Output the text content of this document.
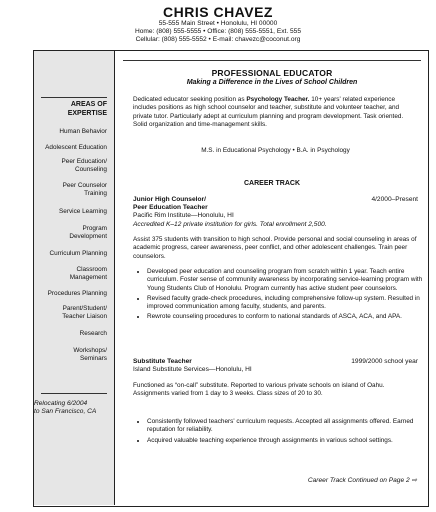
CHRIS CHAVEZ
55-555 Main Street • Honolulu, HI 00000
Home: (808) 555-5555 • Office: (808) 555-5551, Ext. 555
Cellular: (808) 555-5552 • E-mail: chavezc@coconut.org
AREAS OF
EXPERTISE
Human Behavior
Adolescent Education
Peer Education/
Counseling
Peer Counselor
Training
Service Learning
Program
Development
Curriculum Planning
Classroom
Management
Procedures Planning
Parent/Student/
Teacher Liaison
Research
Workshops/
Seminars
Relocating 6/2004
to San Francisco, CA
PROFESSIONAL EDUCATOR
Making a Difference in the Lives of School Children
Dedicated educator seeking position as Psychology Teacher. 10+ years' related experience includes positions as high school counselor and teacher, substitute and volunteer teacher, and private tutor. Particularly adept at curriculum planning and program development. Task oriented. Solid organization and time-management skills.
M.S. in Educational Psychology • B.A. in Psychology
CAREER TRACK
Junior High Counselor/
Peer Education Teacher
4/2000–Present
Pacific Rim Institute—Honolulu, HI
Accredited K–12 private institution for girls. Total enrollment 2,500.
Assist 375 students with transition to high school. Provide personal and social counseling in areas of academic progress, career awareness, peer conflict, and other adolescent challenges. Train peer counselors.
• Developed peer education and counseling program from scratch within 1 year. Teach entire curriculum. Foster sense of community awareness by incorporating service-learning program with Young Students Club of Honolulu. Program currently has active student peer counselors.
• Revised faculty grade-check procedures, including comprehensive follow-up system. Resulted in improved communication among faculty, students, and parents.
• Rewrote counseling procedures to conform to national standards of ASCA, ACA, and APA.
Substitute Teacher	1999/2000 school year
Island Substitute Services—Honolulu, HI
Functioned as “on-call” substitute. Reported to various private schools on island of Oahu. Assignments varied from 1 day to 3 weeks. Class sizes of 20 to 30.
• Consistently followed teachers' curriculum requests. Accepted all assignments offered. Earned reputation for reliability.
• Acquired valuable teaching experience through assignments in various school settings.
Career Track Continued on Page 2 ⇨
